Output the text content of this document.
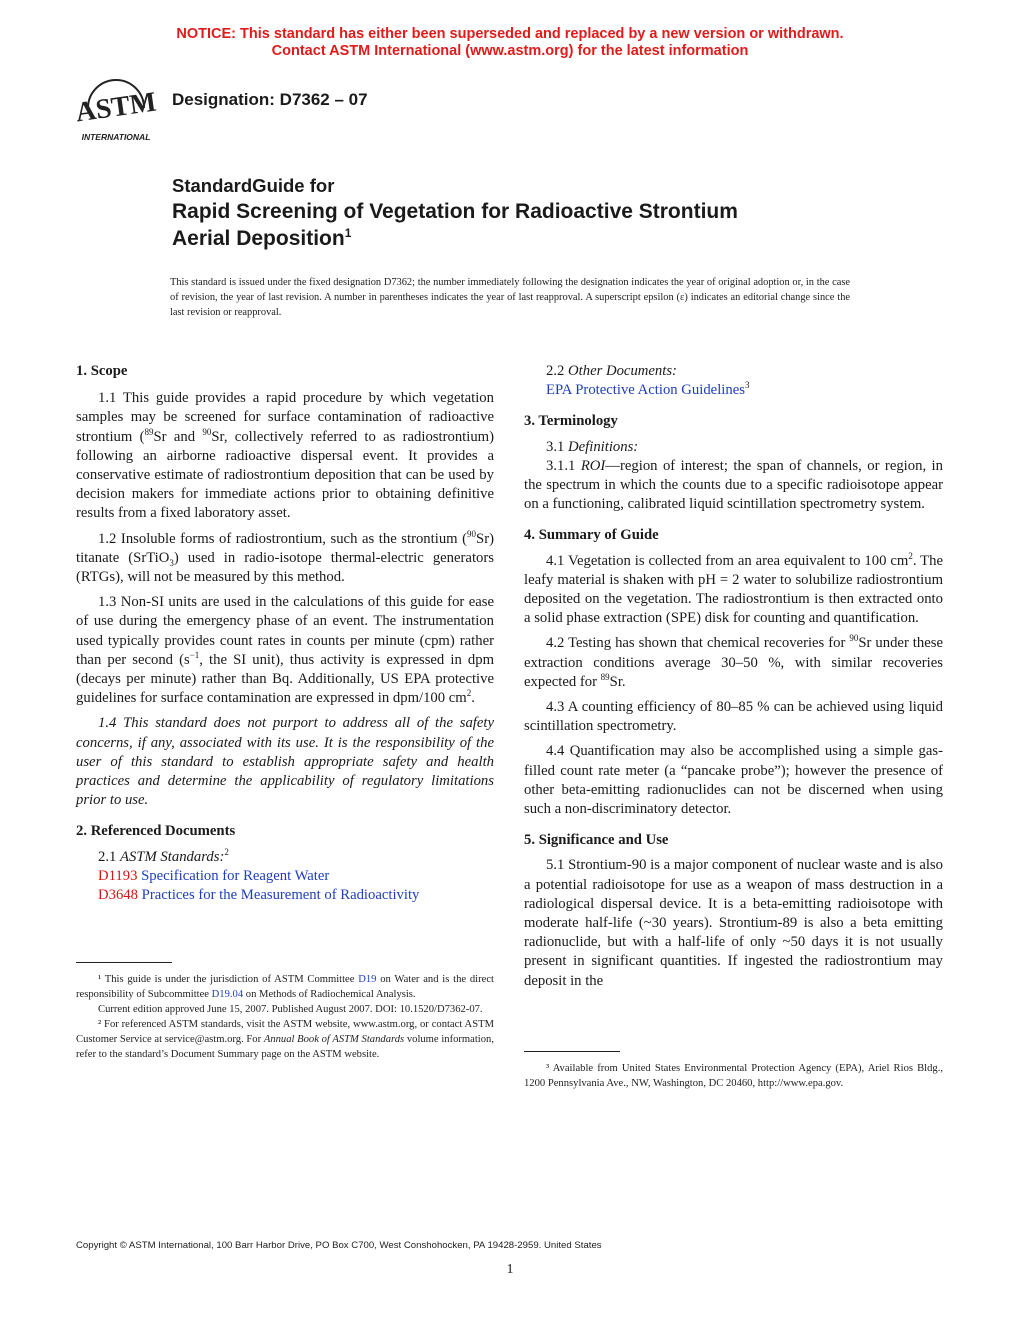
NOTICE: This standard has either been superseded and replaced by a new version or withdrawn.
Contact ASTM International (www.astm.org) for the latest information
ASTM
INTERNATIONAL
Designation: D7362 – 07
StandardGuide for
Rapid Screening of Vegetation for Radioactive Strontium
Aerial Deposition$^1$
This standard is issued under the fixed designation D7362; the number immediately following the designation indicates the year of original adoption or, in the case of revision, the year of last revision. A number in parentheses indicates the year of last reapproval. A superscript epsilon (ε) indicates an editorial change since the last revision or reapproval.
1. Scope

1.1 This guide provides a rapid procedure by which vegetation samples may be screened for surface contamination of radioactive strontium ($^{89}$Sr and $^{90}$Sr, collectively referred to as radiostrontium) following an airborne radioactive dispersal event. It provides a conservative estimate of radiostrontium deposition that can be used by decision makers for immediate actions prior to obtaining definitive results from a fixed laboratory asset.

1.2 Insoluble forms of radiostrontium, such as the strontium ($^{90}$Sr) titanate (SrTiO$_3$) used in radio-isotope thermal-electric generators (RTGs), will not be measured by this method.

1.3 Non-SI units are used in the calculations of this guide for ease of use during the emergency phase of an event. The instrumentation used typically provides count rates in counts per minute (cpm) rather than per second ($s^{-1}$, the SI unit), thus activity is expressed in dpm (decays per minute) rather than Bq. Additionally, US EPA protective guidelines for surface contamination are expressed in dpm/100 $cm^2$.

1.4 This standard does not purport to address all of the safety concerns, if any, associated with its use. It is the responsibility of the user of this standard to establish appropriate safety and health practices and determine the applicability of regulatory limitations prior to use.

2. Referenced Documents

2.1 ASTM Standards:$^2$

D1193 Specification for Reagent Water

D3648 Practices for the Measurement of Radioactivity

¹ This guide is under the jurisdiction of ASTM Committee D19 on Water and is the direct responsibility of Subcommittee D19.04 on Methods of Radiochemical Analysis.

Current edition approved June 15, 2007. Published August 2007. DOI: 10.1520/D7362-07.

² For referenced ASTM standards, visit the ASTM website, www.astm.org, or contact ASTM Customer Service at service@astm.org. For Annual Book of ASTM Standards volume information, refer to the standard’s Document Summary page on the ASTM website.

2.2 Other Documents:

EPA Protective Action Guidelines$^3$

3. Terminology

3.1 Definitions:

3.1.1 ROI—region of interest; the span of channels, or region, in the spectrum in which the counts due to a specific radioisotope appear on a functioning, calibrated liquid scintillation spectrometry system.

4. Summary of Guide

4.1 Vegetation is collected from an area equivalent to 100 $cm^2$. The leafy material is shaken with pH = 2 water to solubilize radiostrontium deposited on the vegetation. The radiostrontium is then extracted onto a solid phase extraction (SPE) disk for counting and quantification.

4.2 Testing has shown that chemical recoveries for $^{90}$Sr under these extraction conditions average 30–50 %, with similar recoveries expected for $^{89}$Sr.

4.3 A counting efficiency of 80–85 % can be achieved using liquid scintillation spectrometry.

4.4 Quantification may also be accomplished using a simple gas-filled count rate meter (a “pancake probe”); however the presence of other beta-emitting radionuclides can not be discerned when using such a non-discriminatory detector.

5. Significance and Use

5.1 Strontium-90 is a major component of nuclear waste and is also a potential radioisotope for use as a weapon of mass destruction in a radiological dispersal device. It is a beta-emitting radioisotope with moderate half-life (~30 years). Strontium-89 is also a beta emitting radionuclide, but with a half-life of only ~50 days it is not usually present in significant quantities. If ingested the radiostrontium may deposit in the

³ Available from United States Environmental Protection Agency (EPA), Ariel Rios Bldg., 1200 Pennsylvania Ave., NW, Washington, DC 20460, http://www.epa.gov.

Copyright © ASTM International, 100 Barr Harbor Drive, PO Box C700, West Conshohocken, PA 19428-2959. United States
1
